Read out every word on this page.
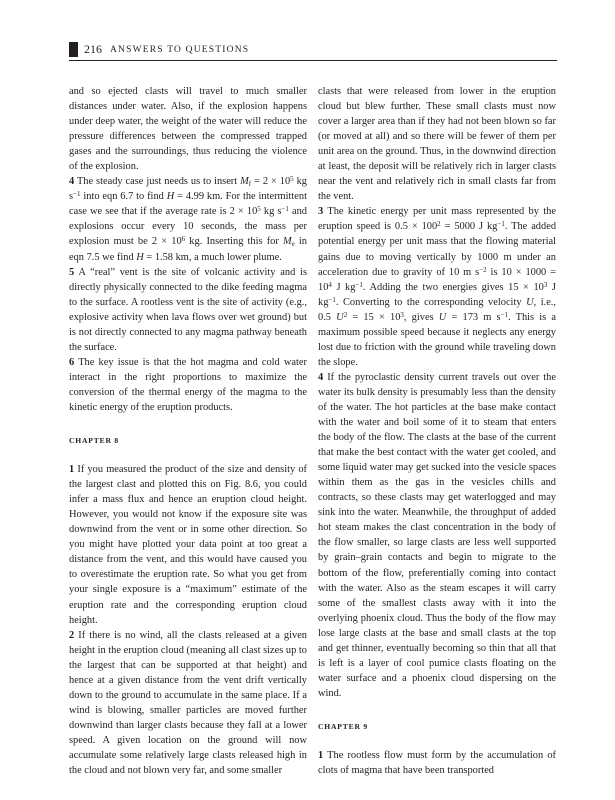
216 ANSWERS TO QUESTIONS

and so ejected clasts will travel to much smaller distances under water. Also, if the explosion happens under deep water, the weight of the water will reduce the pressure differences between the compressed trapped gases and the surroundings, thus reducing the violence of the explosion.

4 The steady case just needs us to insert $M_f = 2 \times 10^5$ kg $s^{-1}$ into eqn 6.7 to find H = 4.99 km. For the intermittent case we see that if the average rate is $2 \times 10^5$ kg $s^{-1}$ and explosions occur every 10 seconds, the mass per explosion must be $2 \times 10^6$ kg. Inserting this for $M_e$ in eqn 7.5 we find H = 1.58 km, a much lower plume.

5 A “real” vent is the site of volcanic activity and is directly physically connected to the dike feeding magma to the surface. A rootless vent is the site of activity (e.g., explosive activity when lava flows over wet ground) but is not directly connected to any magma pathway beneath the surface.

6 The key issue is that the hot magma and cold water interact in the right proportions to maximize the conversion of the thermal energy of the magma to the kinetic energy of the eruption products.

CHAPTER 8

1 If you measured the product of the size and density of the largest clast and plotted this on Fig. 8.6, you could infer a mass flux and hence an eruption cloud height. However, you would not know if the exposure site was downwind from the vent or in some other direction. So you might have plotted your data point at too great a distance from the vent, and this would have caused you to overestimate the eruption rate. So what you get from your single exposure is a “maximum” estimate of the eruption rate and the corresponding eruption cloud height.

2 If there is no wind, all the clasts released at a given height in the eruption cloud (meaning all clast sizes up to the largest that can be supported at that height) and hence at a given distance from the vent drift vertically down to the ground to accumulate in the same place. If a wind is blowing, smaller particles are moved further downwind than larger clasts because they fall at a lower speed. A given location on the ground will now accumulate some relatively large clasts released high in the cloud and not blown very far, and some smaller

clasts that were released from lower in the eruption cloud but blew further. These small clasts must now cover a larger area than if they had not been blown so far (or moved at all) and so there will be fewer of them per unit area on the ground. Thus, in the downwind direction at least, the deposit will be relatively rich in larger clasts near the vent and relatively rich in small clasts far from the vent.

3 The kinetic energy per unit mass represented by the eruption speed is $0.5 \times 100^2 = 5000$ J $kg^{-1}$. The added potential energy per unit mass that the flowing material gains due to moving vertically by 1000 m under an acceleration due to gravity of 10 m $s^{-2}$ is $10 \times 1000 = 10^4$ J $kg^{-1}$. Adding the two energies gives $15 \times 10^3$ J $kg^{-1}$. Converting to the corresponding velocity U, i.e., 0.5 $U^2 = 15 \times 10^3$, gives U = 173 m $s^{-1}$. This is a maximum possible speed because it neglects any energy lost due to friction with the ground while traveling down the slope.

4 If the pyroclastic density current travels out over the water its bulk density is presumably less than the density of the water. The hot particles at the base make contact with the water and boil some of it to steam that enters the body of the flow. The clasts at the base of the current that make the best contact with the water get cooled, and some liquid water may get sucked into the vesicle spaces within them as the gas in the vesicles chills and contracts, so these clasts may get waterlogged and may sink into the water. Meanwhile, the throughput of added hot steam makes the clast concentration in the body of the flow smaller, so large clasts are less well supported by grain–grain contacts and begin to migrate to the bottom of the flow, preferentially coming into contact with the water. Also as the steam escapes it will carry some of the smallest clasts away with it into the overlying phoenix cloud. Thus the body of the flow may lose large clasts at the base and small clasts at the top and get thinner, eventually becoming so thin that all that is left is a layer of cool pumice clasts floating on the water surface and a phoenix cloud dispersing on the wind.

CHAPTER 9

1 The rootless flow must form by the accumulation of clots of magma that have been transported
